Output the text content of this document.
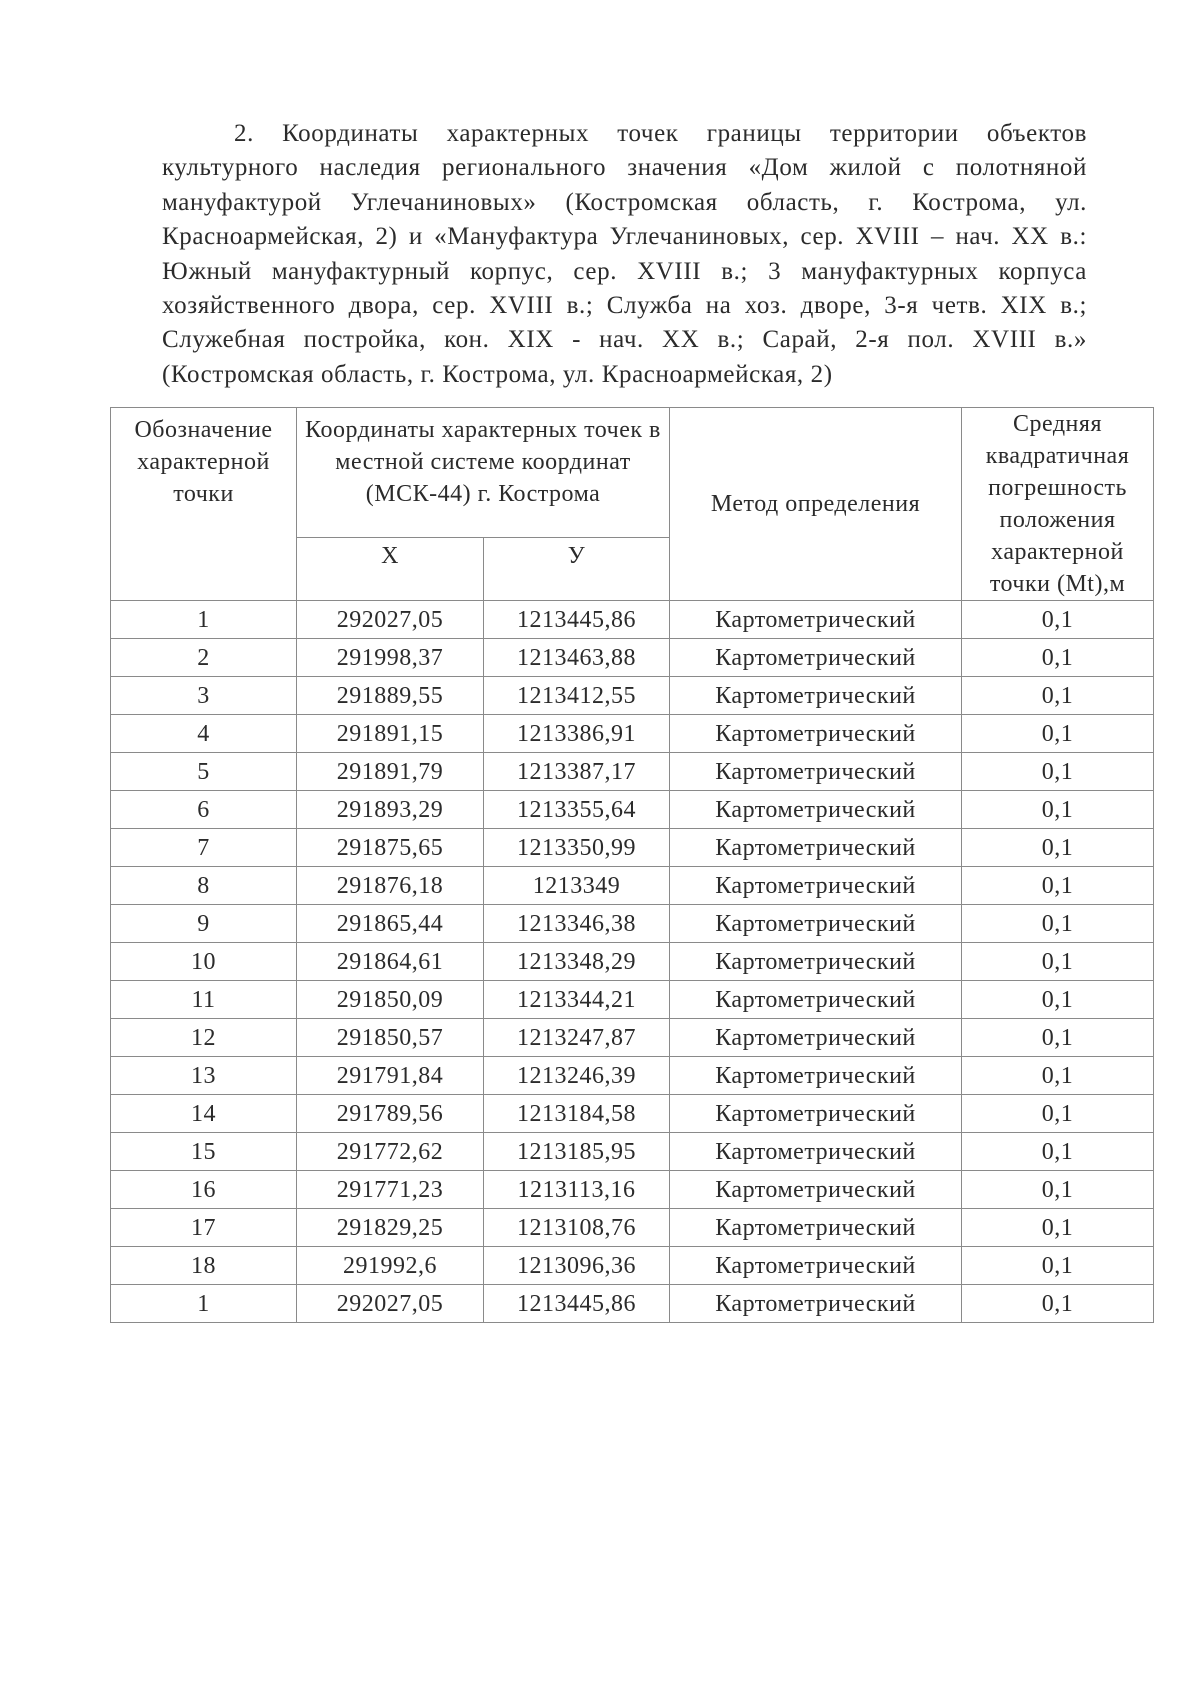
2. Координаты характерных точек границы территории объектов культурного наследия регионального значения «Дом жилой с полотняной мануфактурой Углечаниновых» (Костромская область, г. Кострома, ул. Красноармейская, 2) и «Мануфактура Углечаниновых, сер. XVIII – нач. XX в.: Южный мануфактурный корпус, сер. XVIII в.; 3 мануфактурных корпуса хозяйственного двора, сер. XVIII в.; Служба на хоз. дворе, 3-я четв. XIX в.; Служебная постройка, кон. XIX - нач. XX в.; Сарай, 2-я пол. XVIII в.» (Костромская область, г. Кострома, ул. Красноармейская, 2)

Обозначение характерной точки	Координаты характерных точек в местной системе координат (МСК-44) г. Кострома		Метод определения	Средняя квадратичная погрешность положения характерной точки (Mt),м
	X	У		
1	292027,05	1213445,86	Картометрический	0,1
2	291998,37	1213463,88	Картометрический	0,1
3	291889,55	1213412,55	Картометрический	0,1
4	291891,15	1213386,91	Картометрический	0,1
5	291891,79	1213387,17	Картометрический	0,1
6	291893,29	1213355,64	Картометрический	0,1
7	291875,65	1213350,99	Картометрический	0,1
8	291876,18	1213349	Картометрический	0,1
9	291865,44	1213346,38	Картометрический	0,1
10	291864,61	1213348,29	Картометрический	0,1
11	291850,09	1213344,21	Картометрический	0,1
12	291850,57	1213247,87	Картометрический	0,1
13	291791,84	1213246,39	Картометрический	0,1
14	291789,56	1213184,58	Картометрический	0,1
15	291772,62	1213185,95	Картометрический	0,1
16	291771,23	1213113,16	Картометрический	0,1
17	291829,25	1213108,76	Картометрический	0,1
18	291992,6	1213096,36	Картометрический	0,1
1	292027,05	1213445,86	Картометрический	0,1
